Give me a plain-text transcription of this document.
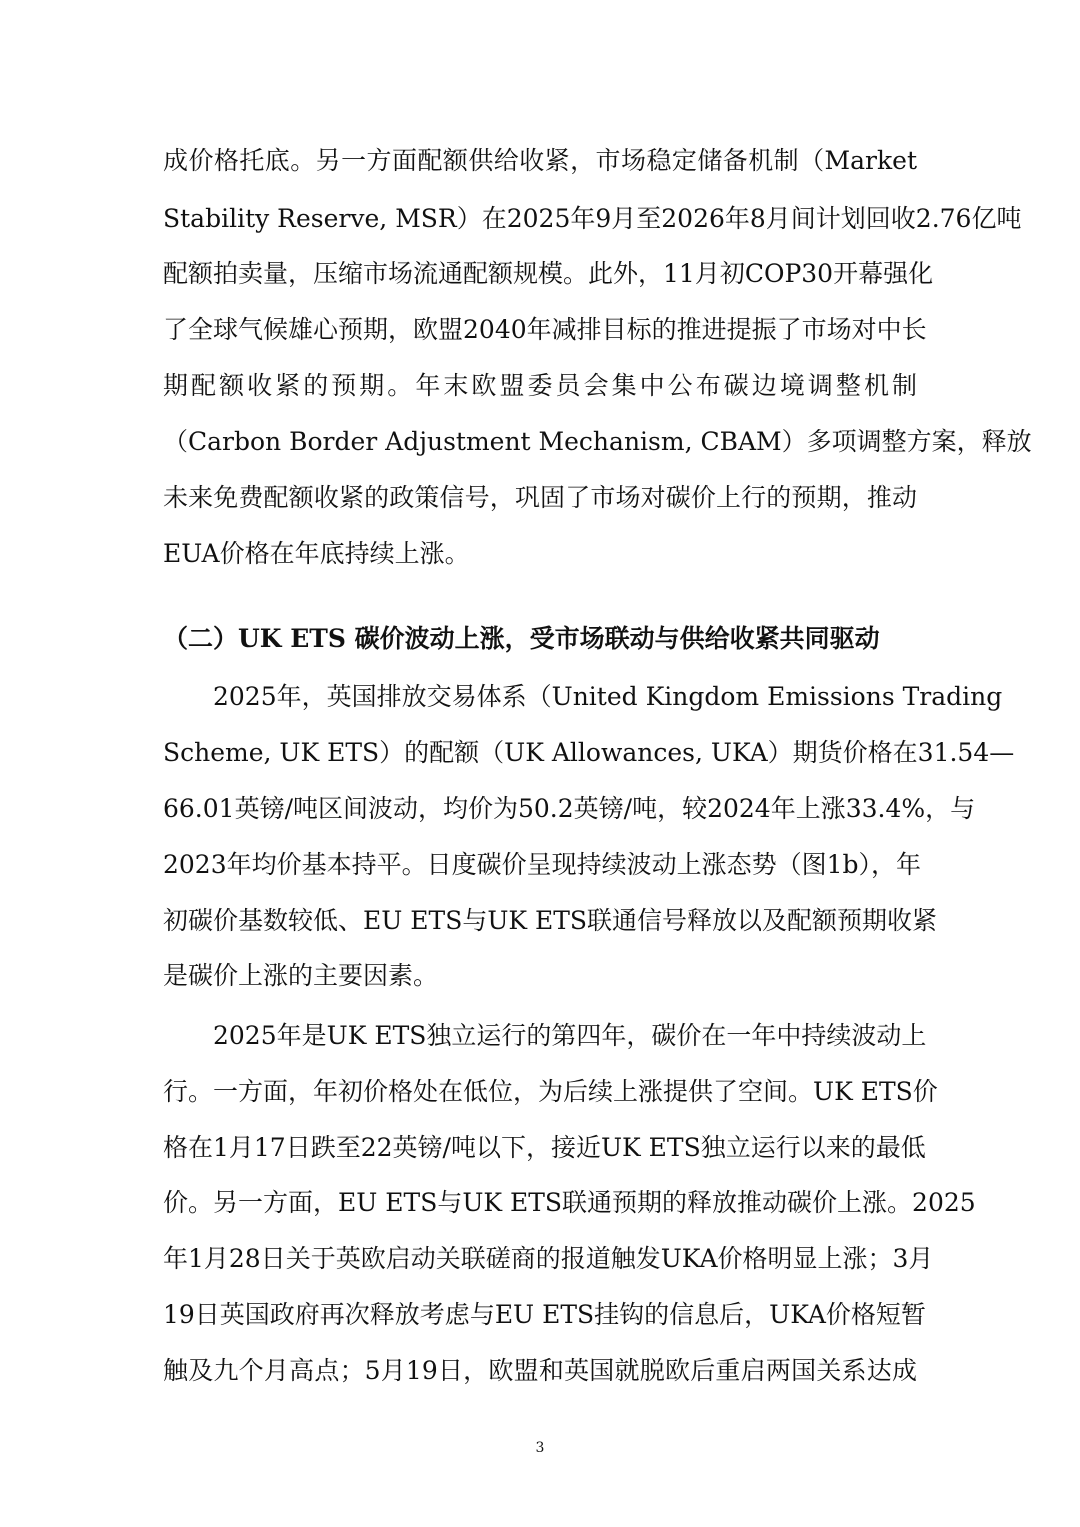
成价格托底。另一方面配额供给收紧，市场稳定储备机制（Market
Stability Reserve, MSR）在2025年9月至2026年8月间计划回收2.76亿吨
配额拍卖量，压缩市场流通配额规模。此外，11月初COP30开幕强化
了全球气候雄心预期，欧盟2040年减排目标的推进提振了市场对中长
期配额收紧的预期。年末欧盟委员会集中公布碳边境调整机制
（Carbon Border Adjustment Mechanism, CBAM）多项调整方案，释放
未来免费配额收紧的政策信号，巩固了市场对碳价上行的预期，推动
EUA价格在年底持续上涨。
（二）UK ETS 碳价波动上涨，受市场联动与供给收紧共同驱动
2025年，英国排放交易体系（United Kingdom Emissions Trading
Scheme, UK ETS）的配额（UK Allowances, UKA）期货价格在31.54—
66.01英镑/吨区间波动，均价为50.2英镑/吨，较2024年上涨33.4%，与
2023年均价基本持平。日度碳价呈现持续波动上涨态势（图1b），年
初碳价基数较低、EU ETS与UK ETS联通信号释放以及配额预期收紧
是碳价上涨的主要因素。
2025年是UK ETS独立运行的第四年，碳价在一年中持续波动上
行。一方面，年初价格处在低位，为后续上涨提供了空间。UK ETS价
格在1月17日跌至22英镑/吨以下，接近UK ETS独立运行以来的最低
价。另一方面，EU ETS与UK ETS联通预期的释放推动碳价上涨。2025
年1月28日关于英欧启动关联磋商的报道触发UKA价格明显上涨；3月
19日英国政府再次释放考虑与EU ETS挂钩的信息后，UKA价格短暂
触及九个月高点；5月19日，欧盟和英国就脱欧后重启两国关系达成
3
